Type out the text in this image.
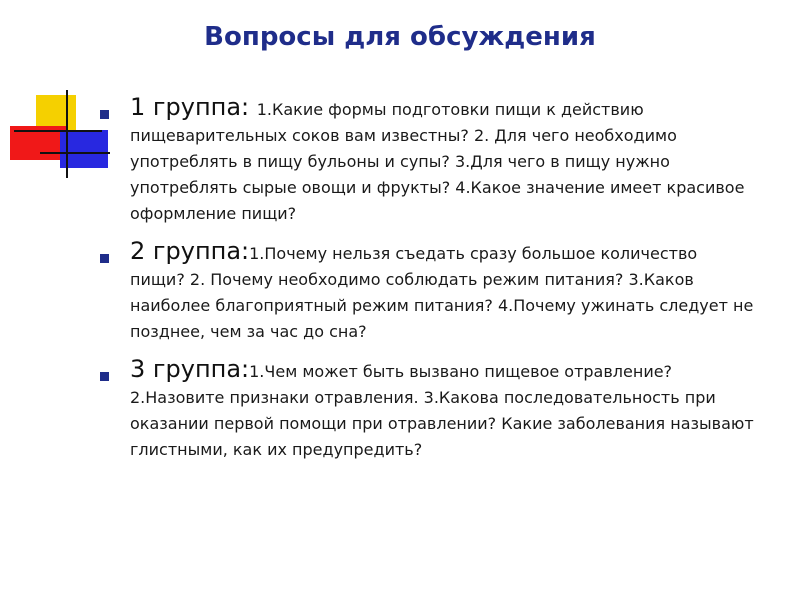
Вопросы для обсуждения
1 группа: 1.Какие формы подготовки пищи к действию пищеварительных соков вам известны? 2. Для чего необходимо употреблять в пищу бульоны и супы? 3.Для чего в пищу нужно употреблять сырые овощи и фрукты? 4.Какое значение имеет красивое оформление пищи?
2 группа:1.Почему нельзя съедать сразу большое количество пищи? 2. Почему необходимо соблюдать режим питания? 3.Каков наиболее благоприятный режим питания? 4.Почему ужинать следует не позднее, чем за час до сна?
3 группа:1.Чем может быть вызвано пищевое отравление? 2.Назовите признаки отравления. 3.Какова последовательность при оказании первой помощи при отравлении? Какие заболевания называют глистными, как их предупредить?
